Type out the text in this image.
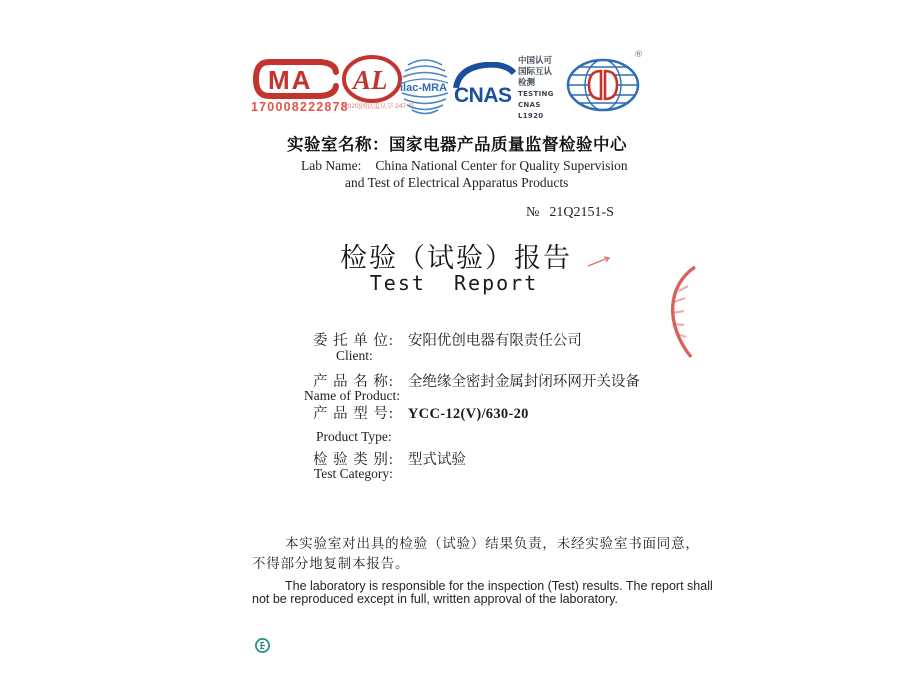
MA
170008222878
AL
(2020)国认监认字 247 号
ilac-MRA CNAS
中国认可
国际互认
检测
TESTING
CNAS L1920
®
实验室名称：国家电器产品质量监督检验中心
Lab Name: China National Center for Quality Supervision
and Test of Electrical Apparatus Products
№ 21Q2151-S
检验（试验）报告
Test  Report
委 托 单 位: 安阳优创电器有限责任公司
Client:
产 品 名 称: 全绝缘全密封金属封闭环网开关设备
Name of Product:
产 品 型 号: YCC-12(V)/630-20
Product Type:
检 验 类 别: 型式试验
Test Category:
本实验室对出具的检验（试验）结果负责，未经实验室书面同意，
不得部分地复制本报告。
The laboratory is responsible for the inspection (Test) results. The report shall
not be reproduced except in full, written approval of the laboratory.
